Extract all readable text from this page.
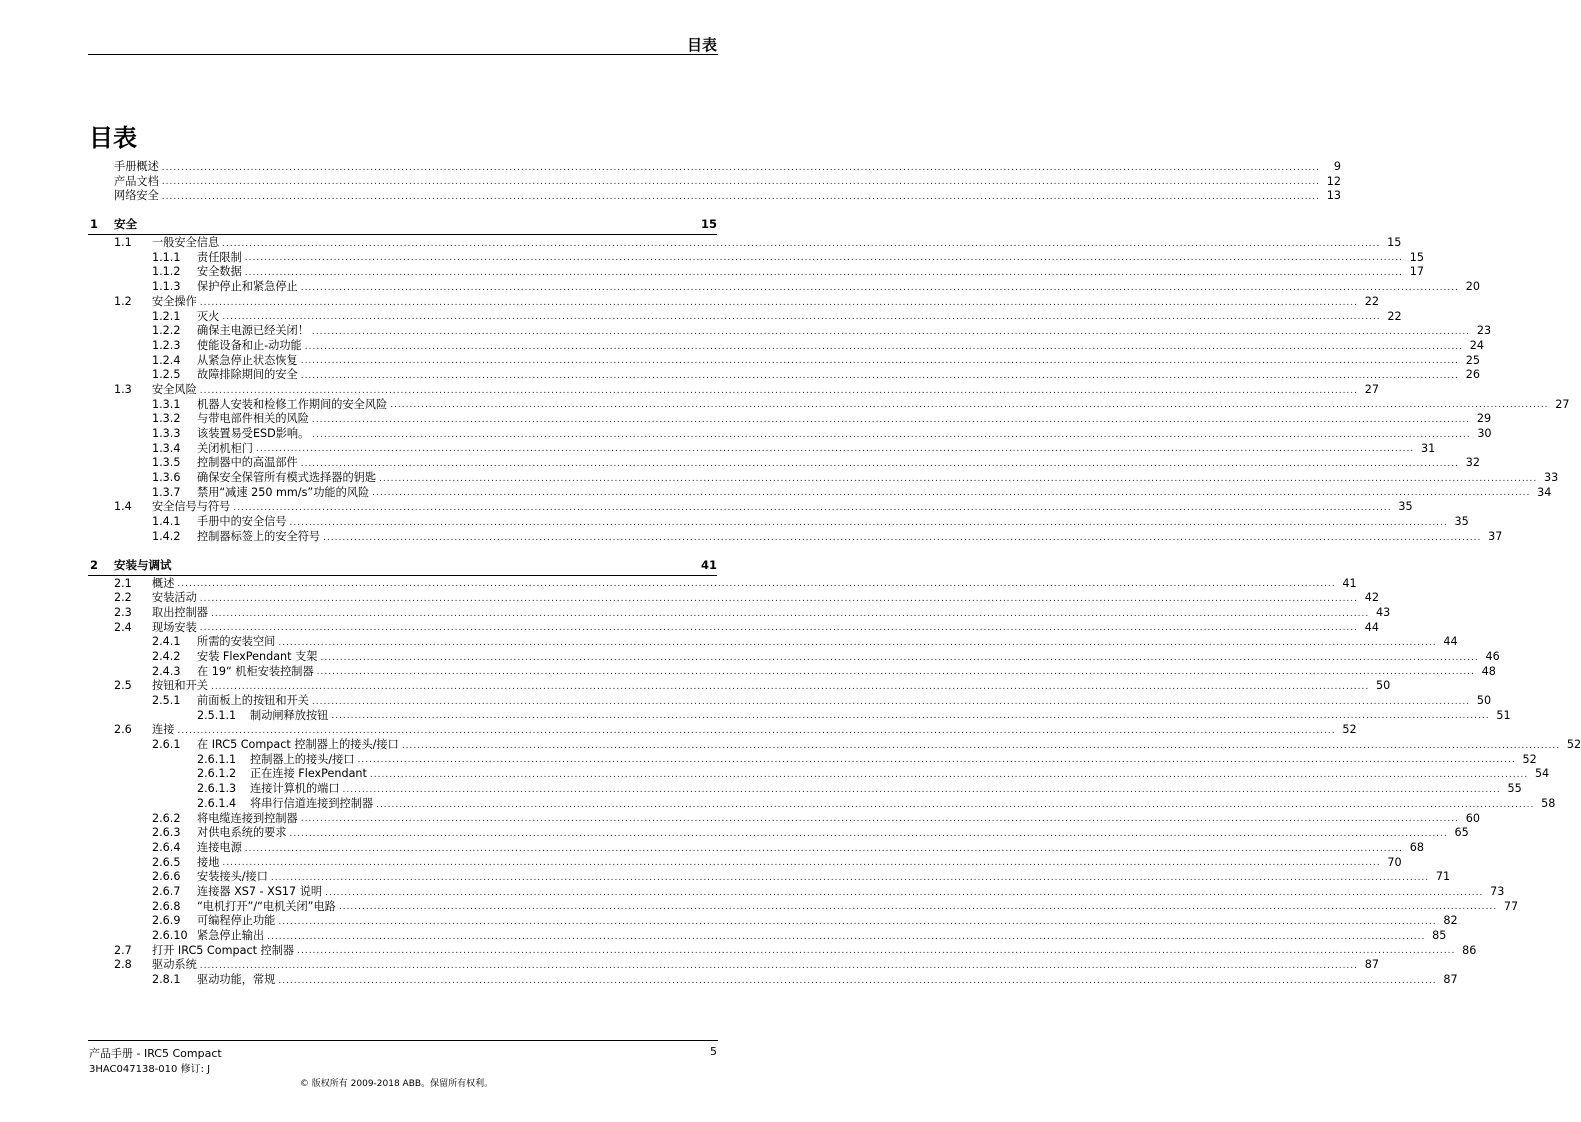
目表
目表
手册概述 ............................................................................................................................................................................................................................................................................................................	9
产品文档 ............................................................................................................................................................................................................................................................................................................ 12
网络安全 ............................................................................................................................................................................................................................................................................................................ 13
1 安全	15
1.1 一般安全信息 ............................................................................................................................................................................................................................................................................................................ 15
1.1.1 责任限制 ............................................................................................................................................................................................................................................................................................................ 15
1.1.2 安全数据 ............................................................................................................................................................................................................................................................................................................ 17
1.1.3 保护停止和紧急停止 ............................................................................................................................................................................................................................................................................................................ 20
1.2 安全操作 ............................................................................................................................................................................................................................................................................................................ 22
1.2.1 灭火 ............................................................................................................................................................................................................................................................................................................ 22
1.2.2 确保主电源已经关闭！ ............................................................................................................................................................................................................................................................................................................ 23
1.2.3 使能设备和止-动功能 ............................................................................................................................................................................................................................................................................................................ 24
1.2.4 从紧急停止状态恢复 ............................................................................................................................................................................................................................................................................................................ 25
1.2.5 故障排除期间的安全 ............................................................................................................................................................................................................................................................................................................ 26
1.3 安全风险 ............................................................................................................................................................................................................................................................................................................ 27
1.3.1 机器人安装和检修工作期间的安全风险 ............................................................................................................................................................................................................................................................................................................ 27
1.3.2 与带电部件相关的风险 ............................................................................................................................................................................................................................................................................................................ 29
1.3.3 该装置易受ESD影响。 ............................................................................................................................................................................................................................................................................................................ 30
1.3.4 关闭机柜门 ............................................................................................................................................................................................................................................................................................................ 31
1.3.5 控制器中的高温部件 ............................................................................................................................................................................................................................................................................................................ 32
1.3.6 确保安全保管所有模式选择器的钥匙 ............................................................................................................................................................................................................................................................................................................ 33
1.3.7 禁用“减速 250 mm/s”功能的风险 ............................................................................................................................................................................................................................................................................................................ 34
1.4 安全信号与符号 ............................................................................................................................................................................................................................................................................................................ 35
1.4.1 手册中的安全信号 ............................................................................................................................................................................................................................................................................................................ 35
1.4.2 控制器标签上的安全符号 ............................................................................................................................................................................................................................................................................................................ 37
2 安装与调试	41
2.1 概述 ............................................................................................................................................................................................................................................................................................................ 41
2.2 安装活动 ............................................................................................................................................................................................................................................................................................................ 42
2.3 取出控制器 ............................................................................................................................................................................................................................................................................................................ 43
2.4 现场安装 ............................................................................................................................................................................................................................................................................................................ 44
2.4.1 所需的安装空间 ............................................................................................................................................................................................................................................................................................................ 44
2.4.2 安装 FlexPendant 支架 ............................................................................................................................................................................................................................................................................................................ 46
2.4.3 在 19“ 机柜安装控制器 ............................................................................................................................................................................................................................................................................................................ 48
2.5 按钮和开关 ............................................................................................................................................................................................................................................................................................................ 50
2.5.1 前面板上的按钮和开关 ............................................................................................................................................................................................................................................................................................................ 50
2.5.1.1 制动闸释放按钮 ............................................................................................................................................................................................................................................................................................................ 51
2.6 连接 ............................................................................................................................................................................................................................................................................................................ 52
2.6.1 在 IRC5 Compact 控制器上的接头/接口 ............................................................................................................................................................................................................................................................................................................ 52
2.6.1.1 控制器上的接头/接口 ............................................................................................................................................................................................................................................................................................................ 52
2.6.1.2 正在连接 FlexPendant ............................................................................................................................................................................................................................................................................................................ 54
2.6.1.3 连接计算机的端口 ............................................................................................................................................................................................................................................................................................................ 55
2.6.1.4 将串行信道连接到控制器 ............................................................................................................................................................................................................................................................................................................ 58
2.6.2 将电缆连接到控制器 ............................................................................................................................................................................................................................................................................................................ 60
2.6.3 对供电系统的要求 ............................................................................................................................................................................................................................................................................................................ 65
2.6.4 连接电源 ............................................................................................................................................................................................................................................................................................................ 68
2.6.5 接地 ............................................................................................................................................................................................................................................................................................................ 70
2.6.6 安装接头/接口 ............................................................................................................................................................................................................................................................................................................ 71
2.6.7 连接器 XS7 - XS17 说明 ............................................................................................................................................................................................................................................................................................................ 73
2.6.8 “电机打开”/“电机关闭”电路 ............................................................................................................................................................................................................................................................................................................ 77
2.6.9 可编程停止功能 ............................................................................................................................................................................................................................................................................................................ 82
2.6.10 紧急停止输出 ............................................................................................................................................................................................................................................................................................................ 85
2.7 打开 IRC5 Compact 控制器 ............................................................................................................................................................................................................................................................................................................ 86
2.8 驱动系统 ............................................................................................................................................................................................................................................................................................................ 87
2.8.1 驱动功能，常规 ............................................................................................................................................................................................................................................................................................................ 87
产品手册 - IRC5 Compact
3HAC047138-010 修订: J
5
© 版权所有 2009-2018 ABB。保留所有权利。
